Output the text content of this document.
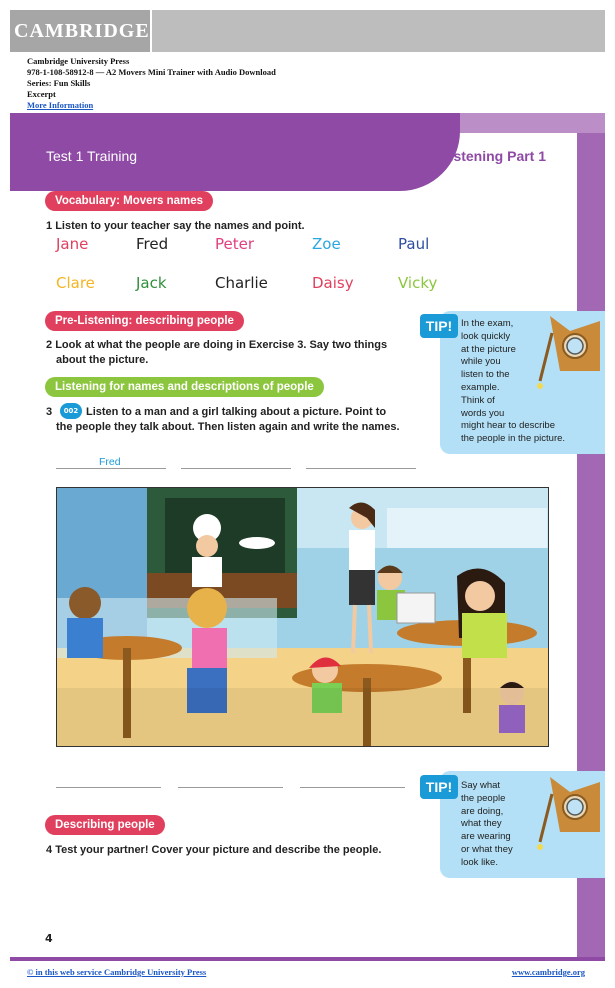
CAMBRIDGE
Cambridge University Press
978-1-108-58912-8 — A2 Movers Mini Trainer with Audio Download
Series: Fun Skills
Excerpt
More Information
Test 1 Training	Listening Part 1
Vocabulary: Movers names
1 Listen to your teacher say the names and point.
Jane	Fred	Peter	Zoe	Paul
Clare	Jack	Charlie	Daisy	Vicky
Pre-Listening: describing people
2 Look at what the people are doing in Exercise 3. Say two things
about the picture.
Listening for names and descriptions of people
3	002 Listen to a man and a girl talking about a picture. Point to
the people they talk about. Then listen again and write the names.
TIP! In the exam,
look quickly
at the picture
while you
listen to the
example.
Think of
words you
might hear to describe
the people in the picture.
Fred
TIP! Say what
the people
are doing,
what they
are wearing
or what they
look like.
Describing people
4 Test your partner! Cover your picture and describe the people.
4
© in this web service Cambridge University Press	www.cambridge.org
